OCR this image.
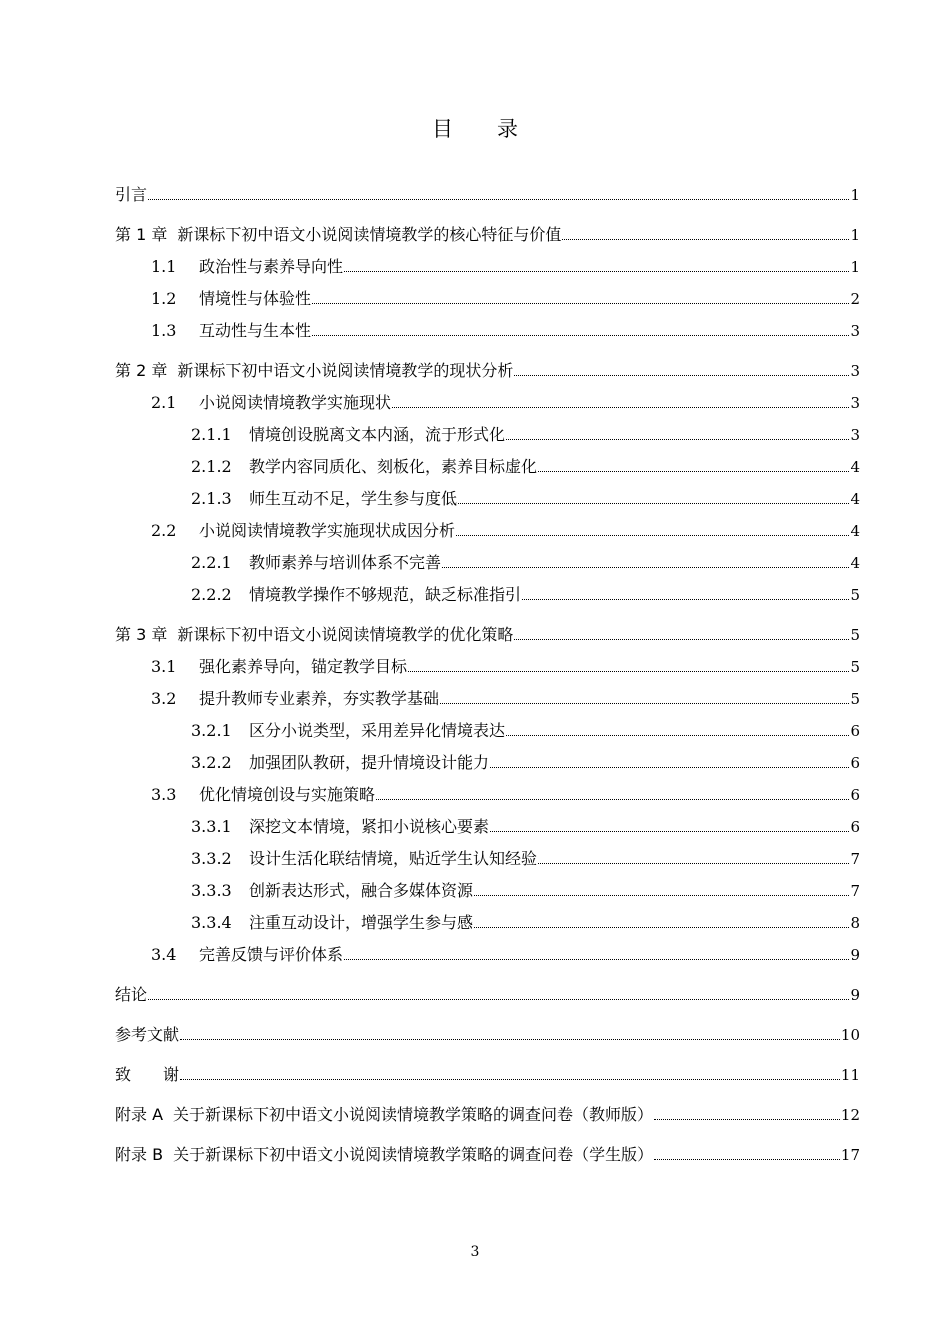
目 录
引言	1
第 1 章 新课标下初中语文小说阅读情境教学的核心特征与价值	1
1.1	政治性与素养导向性	1
1.2	情境性与体验性	2
1.3	互动性与生本性	3
第 2 章 新课标下初中语文小说阅读情境教学的现状分析	3
2.1	小说阅读情境教学实施现状	3
2.1.1	情境创设脱离文本内涵，流于形式化	3
2.1.2	教学内容同质化、刻板化，素养目标虚化	4
2.1.3	师生互动不足，学生参与度低	4
2.2	小说阅读情境教学实施现状成因分析	4
2.2.1	教师素养与培训体系不完善	4
2.2.2	情境教学操作不够规范，缺乏标准指引	5
第 3 章 新课标下初中语文小说阅读情境教学的优化策略	5
3.1	强化素养导向，锚定教学目标	5
3.2	提升教师专业素养，夯实教学基础	5
3.2.1	区分小说类型，采用差异化情境表达	6
3.2.2	加强团队教研，提升情境设计能力	6
3.3	优化情境创设与实施策略	6
3.3.1	深挖文本情境，紧扣小说核心要素	6
3.3.2	设计生活化联结情境，贴近学生认知经验	7
3.3.3	创新表达形式，融合多媒体资源	7
3.3.4	注重互动设计，增强学生参与感	8
3.4	完善反馈与评价体系	9
结论	9
参考文献	10
致　　谢	11
附录 A 关于新课标下初中语文小说阅读情境教学策略的调查问卷（教师版）	12
附录 B 关于新课标下初中语文小说阅读情境教学策略的调查问卷（学生版）	17
3
